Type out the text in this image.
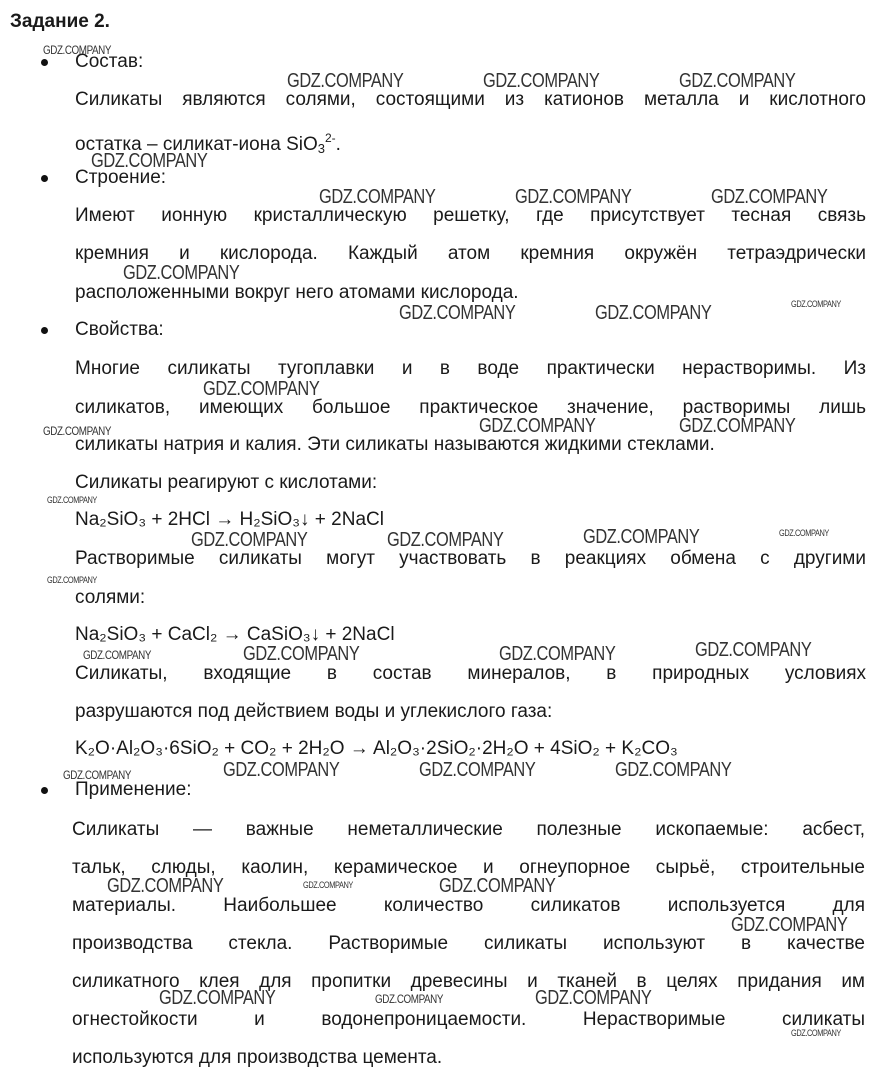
Задание 2.
Состав:
Силикаты являются солями, состоящими из катионов металла и кислотного
остатка – силикат-иона SiO$_3^{2-}$.
Строение:
Имеют ионную кристаллическую решетку, где присутствует тесная связь
кремния и кислорода. Каждый атом кремния окружён тетраэдрически
расположенными вокруг него атомами кислорода.
Свойства:
Многие силикаты тугоплавки и в воде практически нерастворимы. Из
силикатов, имеющих большое практическое значение, растворимы лишь
силикаты натрия и калия. Эти силикаты называются жидкими стеклами.
Силикаты реагируют с кислотами:
Na₂SiO₃ + 2HCl → H₂SiO₃↓ + 2NaCl
Растворимые силикаты могут участвовать в реакциях обмена с другими
солями:
Na₂SiO₃ + CaCl₂ → CaSiO₃↓ + 2NaCl
Силикаты, входящие в состав минералов, в природных условиях
разрушаются под действием воды и углекислого газа:
K₂O·Al₂O₃·6SiO₂ + CO₂ + 2H₂O → Al₂O₃·2SiO₂·2H₂O + 4SiO₂ + K₂CO₃
Применение:
Силикаты — важные неметаллические полезные ископаемые: асбест,
тальк, слюды, каолин, керамическое и огнеупорное сырьё, строительные
материалы. Наибольшее количество силикатов используется для
производства стекла. Растворимые силикаты используют в качестве
силикатного клея для пропитки древесины и тканей в целях придания им
огнестойкости и водонепроницаемости. Нерастворимые силикаты
используются для производства цемента.
GDZ.COMPANY
GDZ.COMPANY	GDZ.COMPANY	GDZ.COMPANY
GDZ.COMPANY
GDZ.COMPANY	GDZ.COMPANY	GDZ.COMPANY
GDZ.COMPANY
GDZ.COMPANY
GDZ.COMPANY	GDZ.COMPANY
GDZ.COMPANY
GDZ.COMPANY
GDZ.COMPANY
GDZ.COMPANY	GDZ.COMPANY	GDZ.COMPANY	GDZ.COMPANY
GDZ.COMPANY
GDZ.COMPANY	GDZ.COMPANY
GDZ.COMPANY	GDZ.COMPANY	GDZ.COMPANY	GDZ.COMPANY
GDZ.COMPANY	GDZ.COMPANY	GDZ.COMPANY	GDZ.COMPANY
GDZ.COMPANY	GDZ.COMPANY	GDZ.COMPANY
GDZ.COMPANY
GDZ.COMPANY	GDZ.COMPANY	GDZ.COMPANY
GDZ.COMPANY
